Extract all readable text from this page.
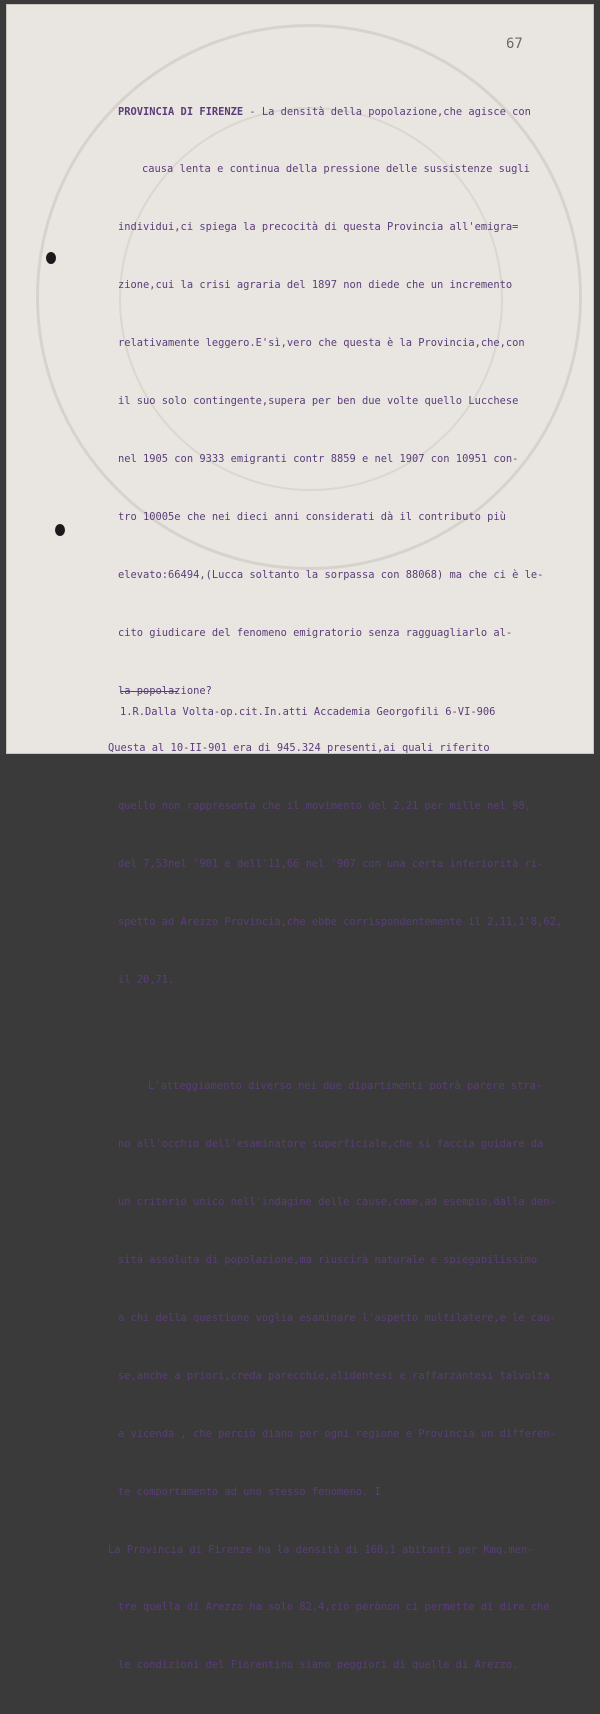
67

PROVINCIA DI FIRENZE - La densità della popolazione,che agisce con

causa lenta e continua della pressione delle sussistenze sugli

individui,ci spiega la precocità di questa Provincia all'emigra=

zione,cui la crisi agraria del 1897 non diede che un incremento

relativamente leggero.E'sì,vero che questa è la Provincia,che,con

il suo solo contingente,supera per ben due volte quello Lucchese

nel 1905 con 9333 emigranti contr 8859 e nel 1907 con 10951 con-

tro 10005e che nei dieci anni considerati dà il contributo più

elevato:66494,(Lucca soltanto la sorpassa con 88068) ma che ci è le-

cito giudicare del fenomeno emigratorio senza ragguagliarlo al-

la popolazione?

Questa al 10-II-901 era di 945.324 presenti,ai quali riferito

quello non rappresenta che il movimento del 2,21 per mille nel 98,

del 7,53nel '901 e dell'11,66 nel '907 con una certa inferiorità ri-

spetto ad Arezzo Provincia,che ebbe corrispondentemente il 2,11,1'8,62,

il 20,71.

L'atteggiamento diverso nei due dipartimenti potrà parere stra-

no all'occhio dell'esaminatore superficiale,che si faccia guidare da

un criterio unico nell'indagine delle cause,come,ad esempio,dalla den-

sità assoluta di popolazione,ma riuscirà naturale e spiegabilissimo

a chi della questione voglia esaminare l'aspetto multilatere,e le cau-

se,anche a priori,creda parecchie,elidentesi e raffarzantesi talvolta

a vicenda , che perciò diano per ogni regione e Provincia un differen-

te comportamento ad uno stesso fenomeno. I

La Provincia di Firenze ha la densità di 160,1 abitanti per Kmq.men-

tre quella di Arezzo ha solo 82,4,ciò perònon ci permette di dire che

le condizioni del Fiorentino siano peggiori di quelle di Arezzo.

1.R.Dalla Volta-op.cit.In.atti Accademia Georgofili 6-VI-906
